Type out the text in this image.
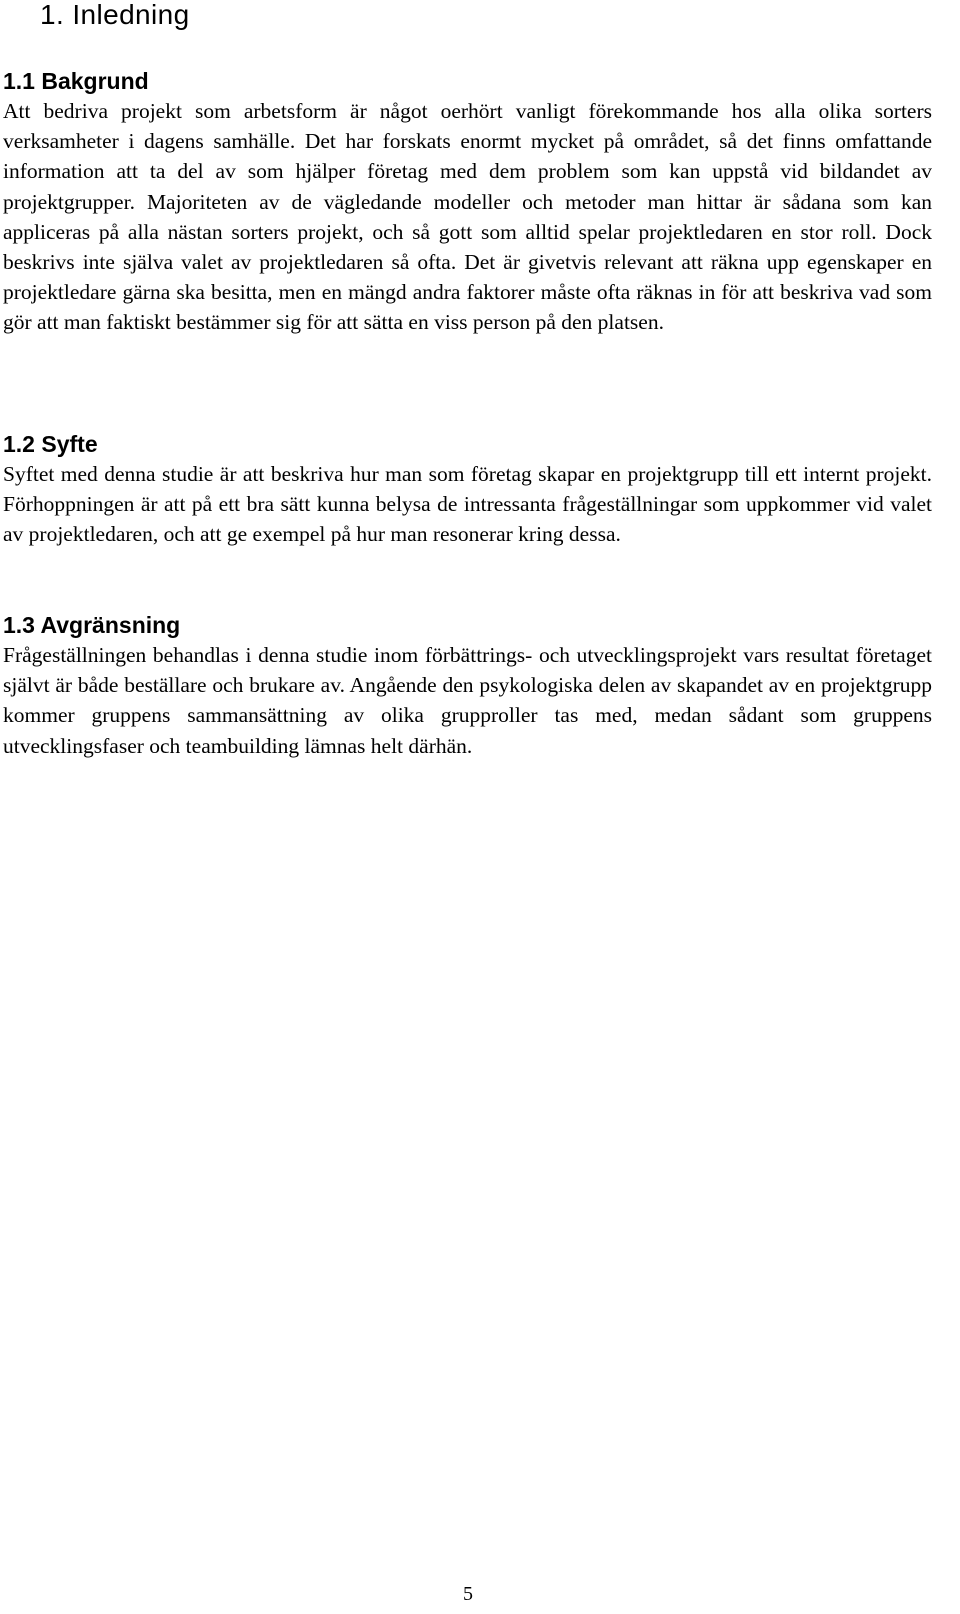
1. Inledning
1.1 Bakgrund

Att bedriva projekt som arbetsform är något oerhört vanligt förekommande hos alla olika sorters verksamheter i dagens samhälle. Det har forskats enormt mycket på området, så det finns omfattande information att ta del av som hjälper företag med dem problem som kan uppstå vid bildandet av projektgrupper. Majoriteten av de vägledande modeller och metoder man hittar är sådana som kan appliceras på alla nästan sorters projekt, och så gott som alltid spelar projektledaren en stor roll. Dock beskrivs inte själva valet av projektledaren så ofta. Det är givetvis relevant att räkna upp egenskaper en projektledare gärna ska besitta, men en mängd andra faktorer måste ofta räknas in för att beskriva vad som gör att man faktiskt bestämmer sig för att sätta en viss person på den platsen.

1.2 Syfte

Syftet med denna studie är att beskriva hur man som företag skapar en projektgrupp till ett internt projekt. Förhoppningen är att på ett bra sätt kunna belysa de intressanta frågeställningar som uppkommer vid valet av projektledaren, och att ge exempel på hur man resonerar kring dessa.

1.3 Avgränsning

Frågeställningen behandlas i denna studie inom förbättrings- och utvecklingsprojekt vars resultat företaget självt är både beställare och brukare av. Angående den psykologiska delen av skapandet av en projektgrupp kommer gruppens sammansättning av olika grupproller tas med, medan sådant som gruppens utvecklingsfaser och teambuilding lämnas helt därhän.

5
